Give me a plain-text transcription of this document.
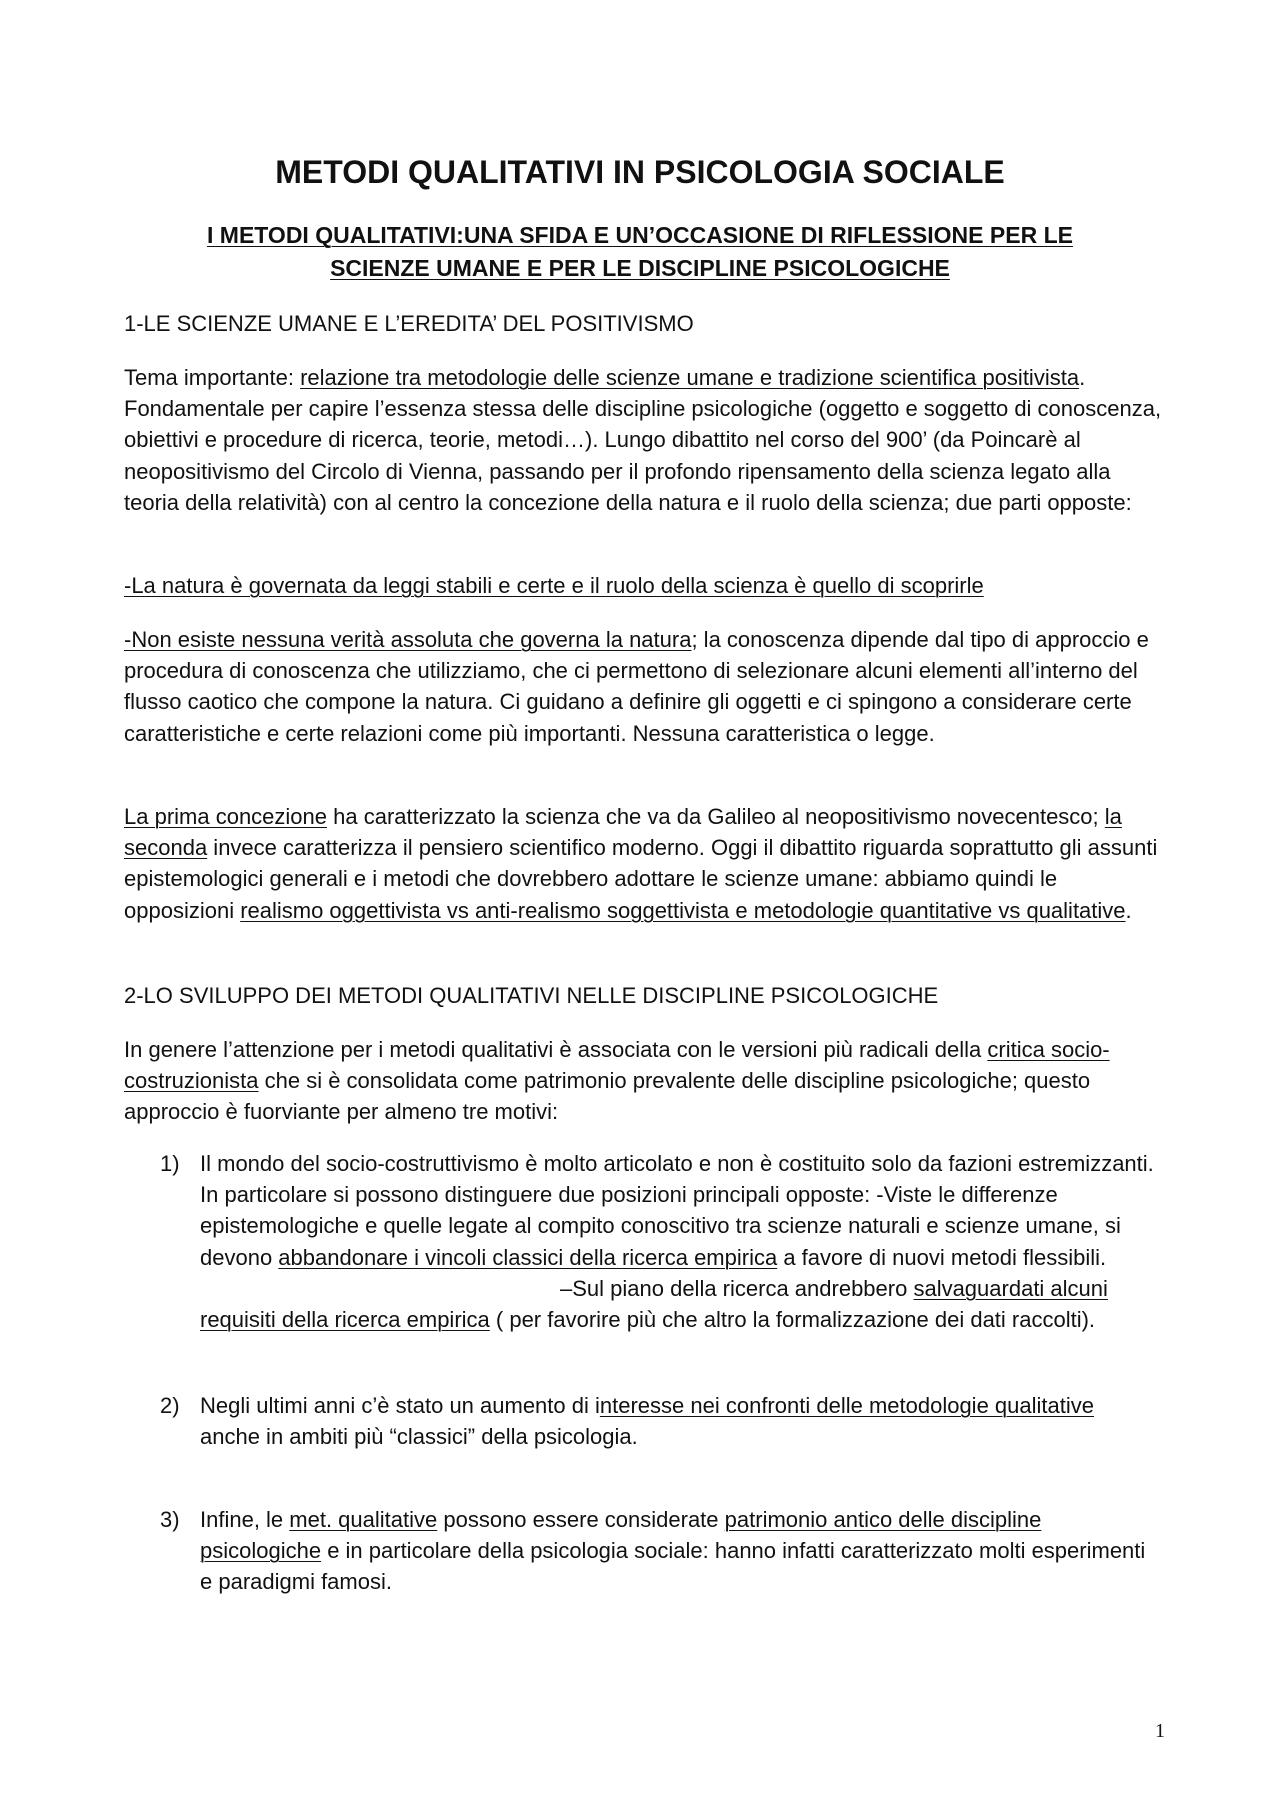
METODI QUALITATIVI IN PSICOLOGIA SOCIALE
I METODI QUALITATIVI:UNA SFIDA E UN’OCCASIONE DI RIFLESSIONE PER LE
SCIENZE UMANE E PER LE DISCIPLINE PSICOLOGICHE
1-LE SCIENZE UMANE E L’EREDITA’ DEL POSITIVISMO

Tema importante: relazione tra metodologie delle scienze umane e tradizione scientifica positivista. Fondamentale per capire l’essenza stessa delle discipline psicologiche (oggetto e soggetto di conoscenza, obiettivi e procedure di ricerca, teorie, metodi…). Lungo dibattito nel corso del 900’ (da Poincarè al neopositivismo del Circolo di Vienna, passando per il profondo ripensamento della scienza legato alla teoria della relatività) con al centro la concezione della natura e il ruolo della scienza; due parti opposte:

-La natura è governata da leggi stabili e certe e il ruolo della scienza è quello di scoprirle

-Non esiste nessuna verità assoluta che governa la natura; la conoscenza dipende dal tipo di approccio e procedura di conoscenza che utilizziamo, che ci permettono di selezionare alcuni elementi all’interno del flusso caotico che compone la natura. Ci guidano a definire gli oggetti e ci spingono a considerare certe caratteristiche e certe relazioni come più importanti. Nessuna caratteristica o legge.

La prima concezione ha caratterizzato la scienza che va da Galileo al neopositivismo novecentesco; la seconda invece caratterizza il pensiero scientifico moderno. Oggi il dibattito riguarda soprattutto gli assunti epistemologici generali e i metodi che dovrebbero adottare le scienze umane: abbiamo quindi le opposizioni realismo oggettivista vs anti-realismo soggettivista e metodologie quantitative vs qualitative.

2-LO SVILUPPO DEI METODI QUALITATIVI NELLE DISCIPLINE PSICOLOGICHE

In genere l’attenzione per i metodi qualitativi è associata con le versioni più radicali della critica socio-costruzionista che si è consolidata come patrimonio prevalente delle discipline psicologiche; questo approccio è fuorviante per almeno tre motivi:

1) Il mondo del socio-costruttivismo è molto articolato e non è costituito solo da fazioni estremizzanti. In particolare si possono distinguere due posizioni principali opposte: -Viste le differenze epistemologiche e quelle legate al compito conoscitivo tra scienze naturali e scienze umane, si devono abbandonare i vincoli classici della ricerca empirica a favore di nuovi metodi flessibili.–Sul piano della ricerca andrebbero salvaguardati alcuni requisiti della ricerca empirica ( per favorire più che altro la formalizzazione dei dati raccolti).
2) Negli ultimi anni c’è stato un aumento di interesse nei confronti delle metodologie qualitative anche in ambiti più “classici” della psicologia.
3) Infine, le met. qualitative possono essere considerate patrimonio antico delle discipline psicologiche e in particolare della psicologia sociale: hanno infatti caratterizzato molti esperimenti e paradigmi famosi.
1
